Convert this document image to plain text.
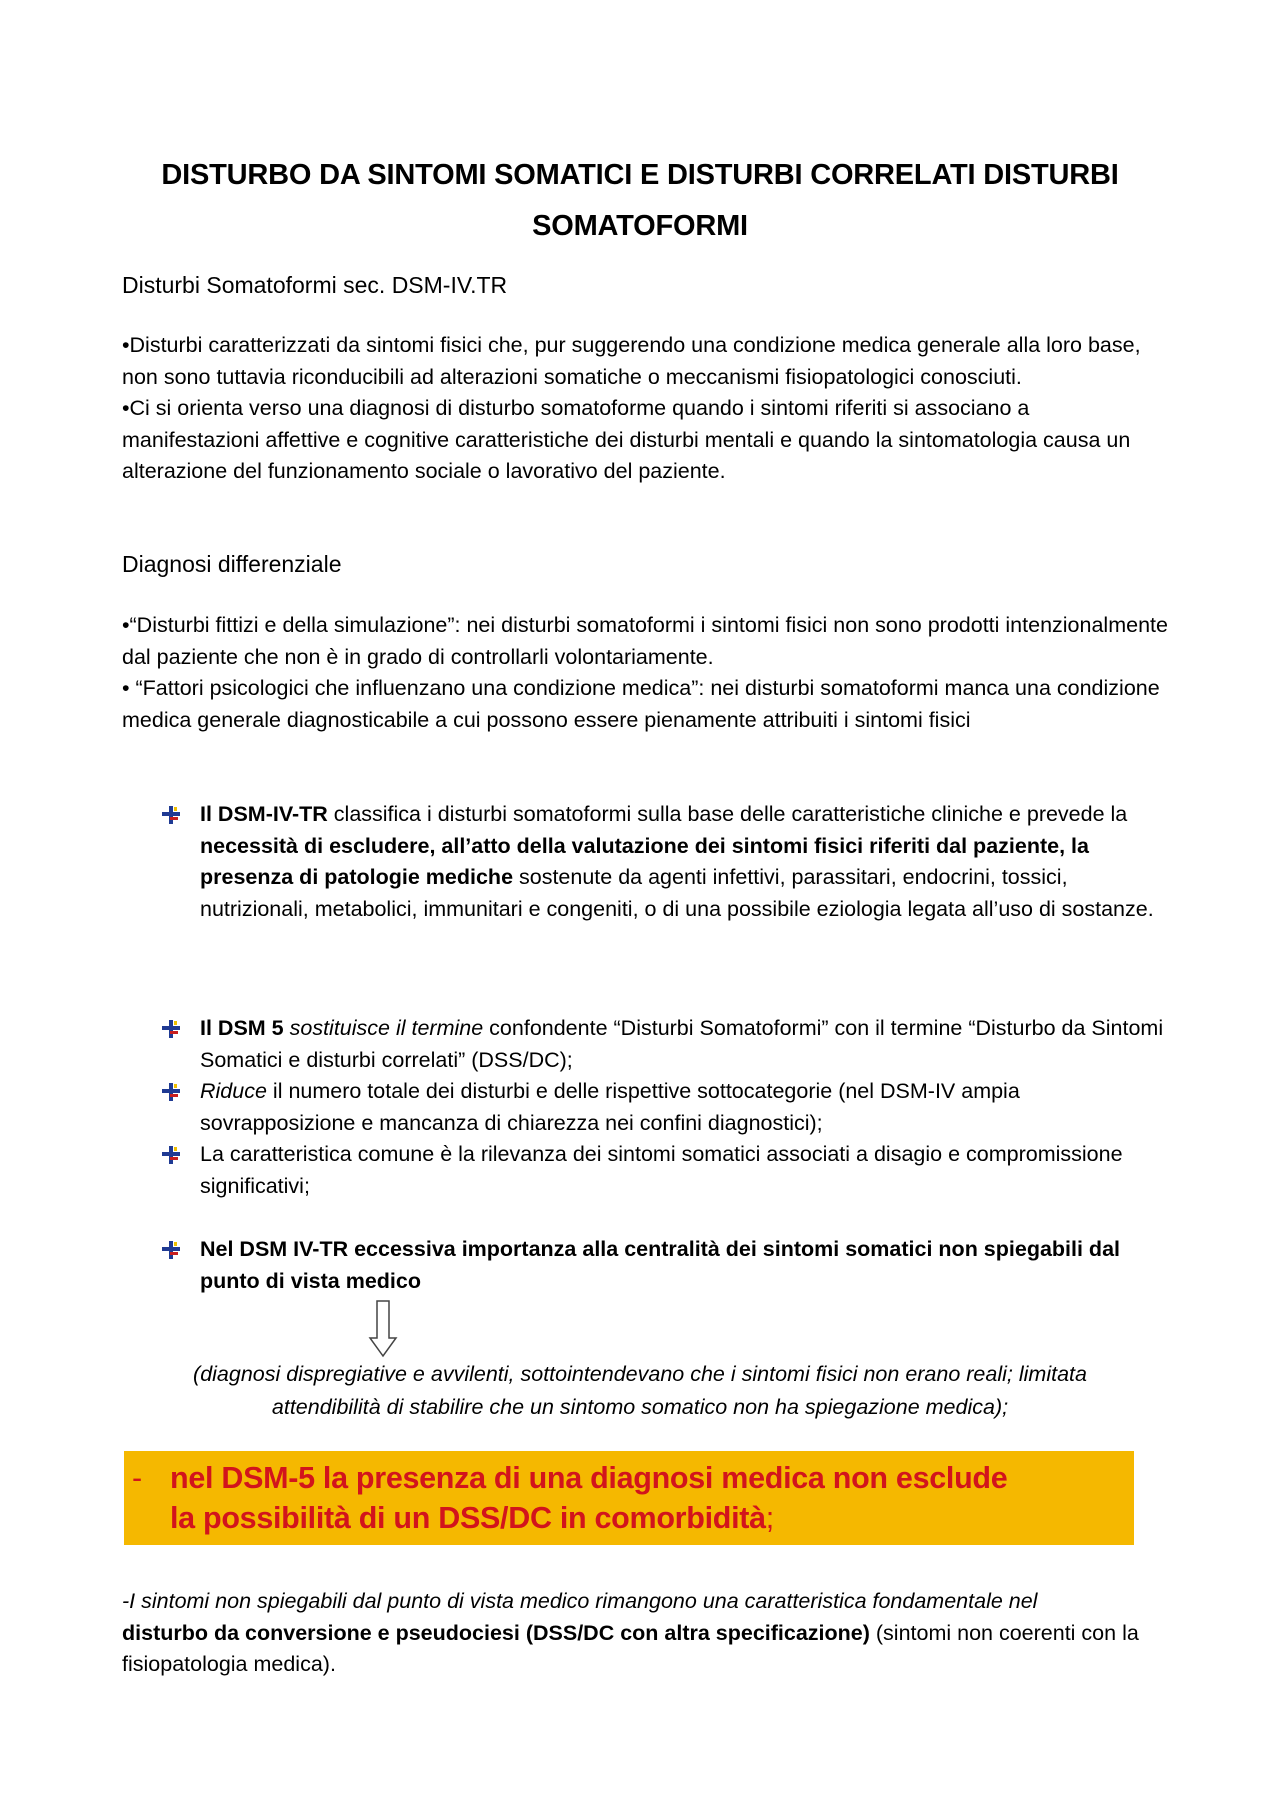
DISTURBO DA SINTOMI SOMATICI E DISTURBI CORRELATI DISTURBI
SOMATOFORMI
Disturbi Somatoformi sec. DSM-IV.TR
•Disturbi caratterizzati da sintomi fisici che, pur suggerendo una condizione medica generale alla loro base, non sono tuttavia riconducibili ad alterazioni somatiche o meccanismi fisiopatologici conosciuti.
•Ci si orienta verso una diagnosi di disturbo somatoforme quando i sintomi riferiti si associano a manifestazioni affettive e cognitive caratteristiche dei disturbi mentali e quando la sintomatologia causa un alterazione del funzionamento sociale o lavorativo del paziente.
Diagnosi differenziale
•“Disturbi fittizi e della simulazione”: nei disturbi somatoformi i sintomi fisici non sono prodotti intenzionalmente dal paziente che non è in grado di controllarli volontariamente.
• “Fattori psicologici che influenzano una condizione medica”: nei disturbi somatoformi manca una condizione medica generale diagnosticabile a cui possono essere pienamente attribuiti i sintomi fisici
Il DSM-IV-TR classifica i disturbi somatoformi sulla base delle caratteristiche cliniche e prevede la necessità di escludere, all’atto della valutazione dei sintomi fisici riferiti dal paziente, la presenza di patologie mediche sostenute da agenti infettivi, parassitari, endocrini, tossici, nutrizionali, metabolici, immunitari e congeniti, o di una possibile eziologia legata all’uso di sostanze.
Il DSM 5 sostituisce il termine confondente “Disturbi Somatoformi” con il termine “Disturbo da Sintomi Somatici e disturbi correlati” (DSS/DC);
Riduce il numero totale dei disturbi e delle rispettive sottocategorie (nel DSM-IV ampia sovrapposizione e mancanza di chiarezza nei confini diagnostici);
La caratteristica comune è la rilevanza dei sintomi somatici associati a disagio e compromissione significativi;
Nel DSM IV-TR eccessiva importanza alla centralità dei sintomi somatici non spiegabili dal punto di vista medico
(diagnosi dispregiative e avvilenti, sottointendevano che i sintomi fisici non erano reali; limitata
attendibilità di stabilire che un sintomo somatico non ha spiegazione medica);
- nel DSM-5 la presenza di una diagnosi medica non esclude
la possibilità di un DSS/DC in comorbidità;
-I sintomi non spiegabili dal punto di vista medico rimangono una caratteristica fondamentale nel
disturbo da conversione e pseudociesi (DSS/DC con altra specificazione) (sintomi non coerenti con la fisiopatologia medica).
